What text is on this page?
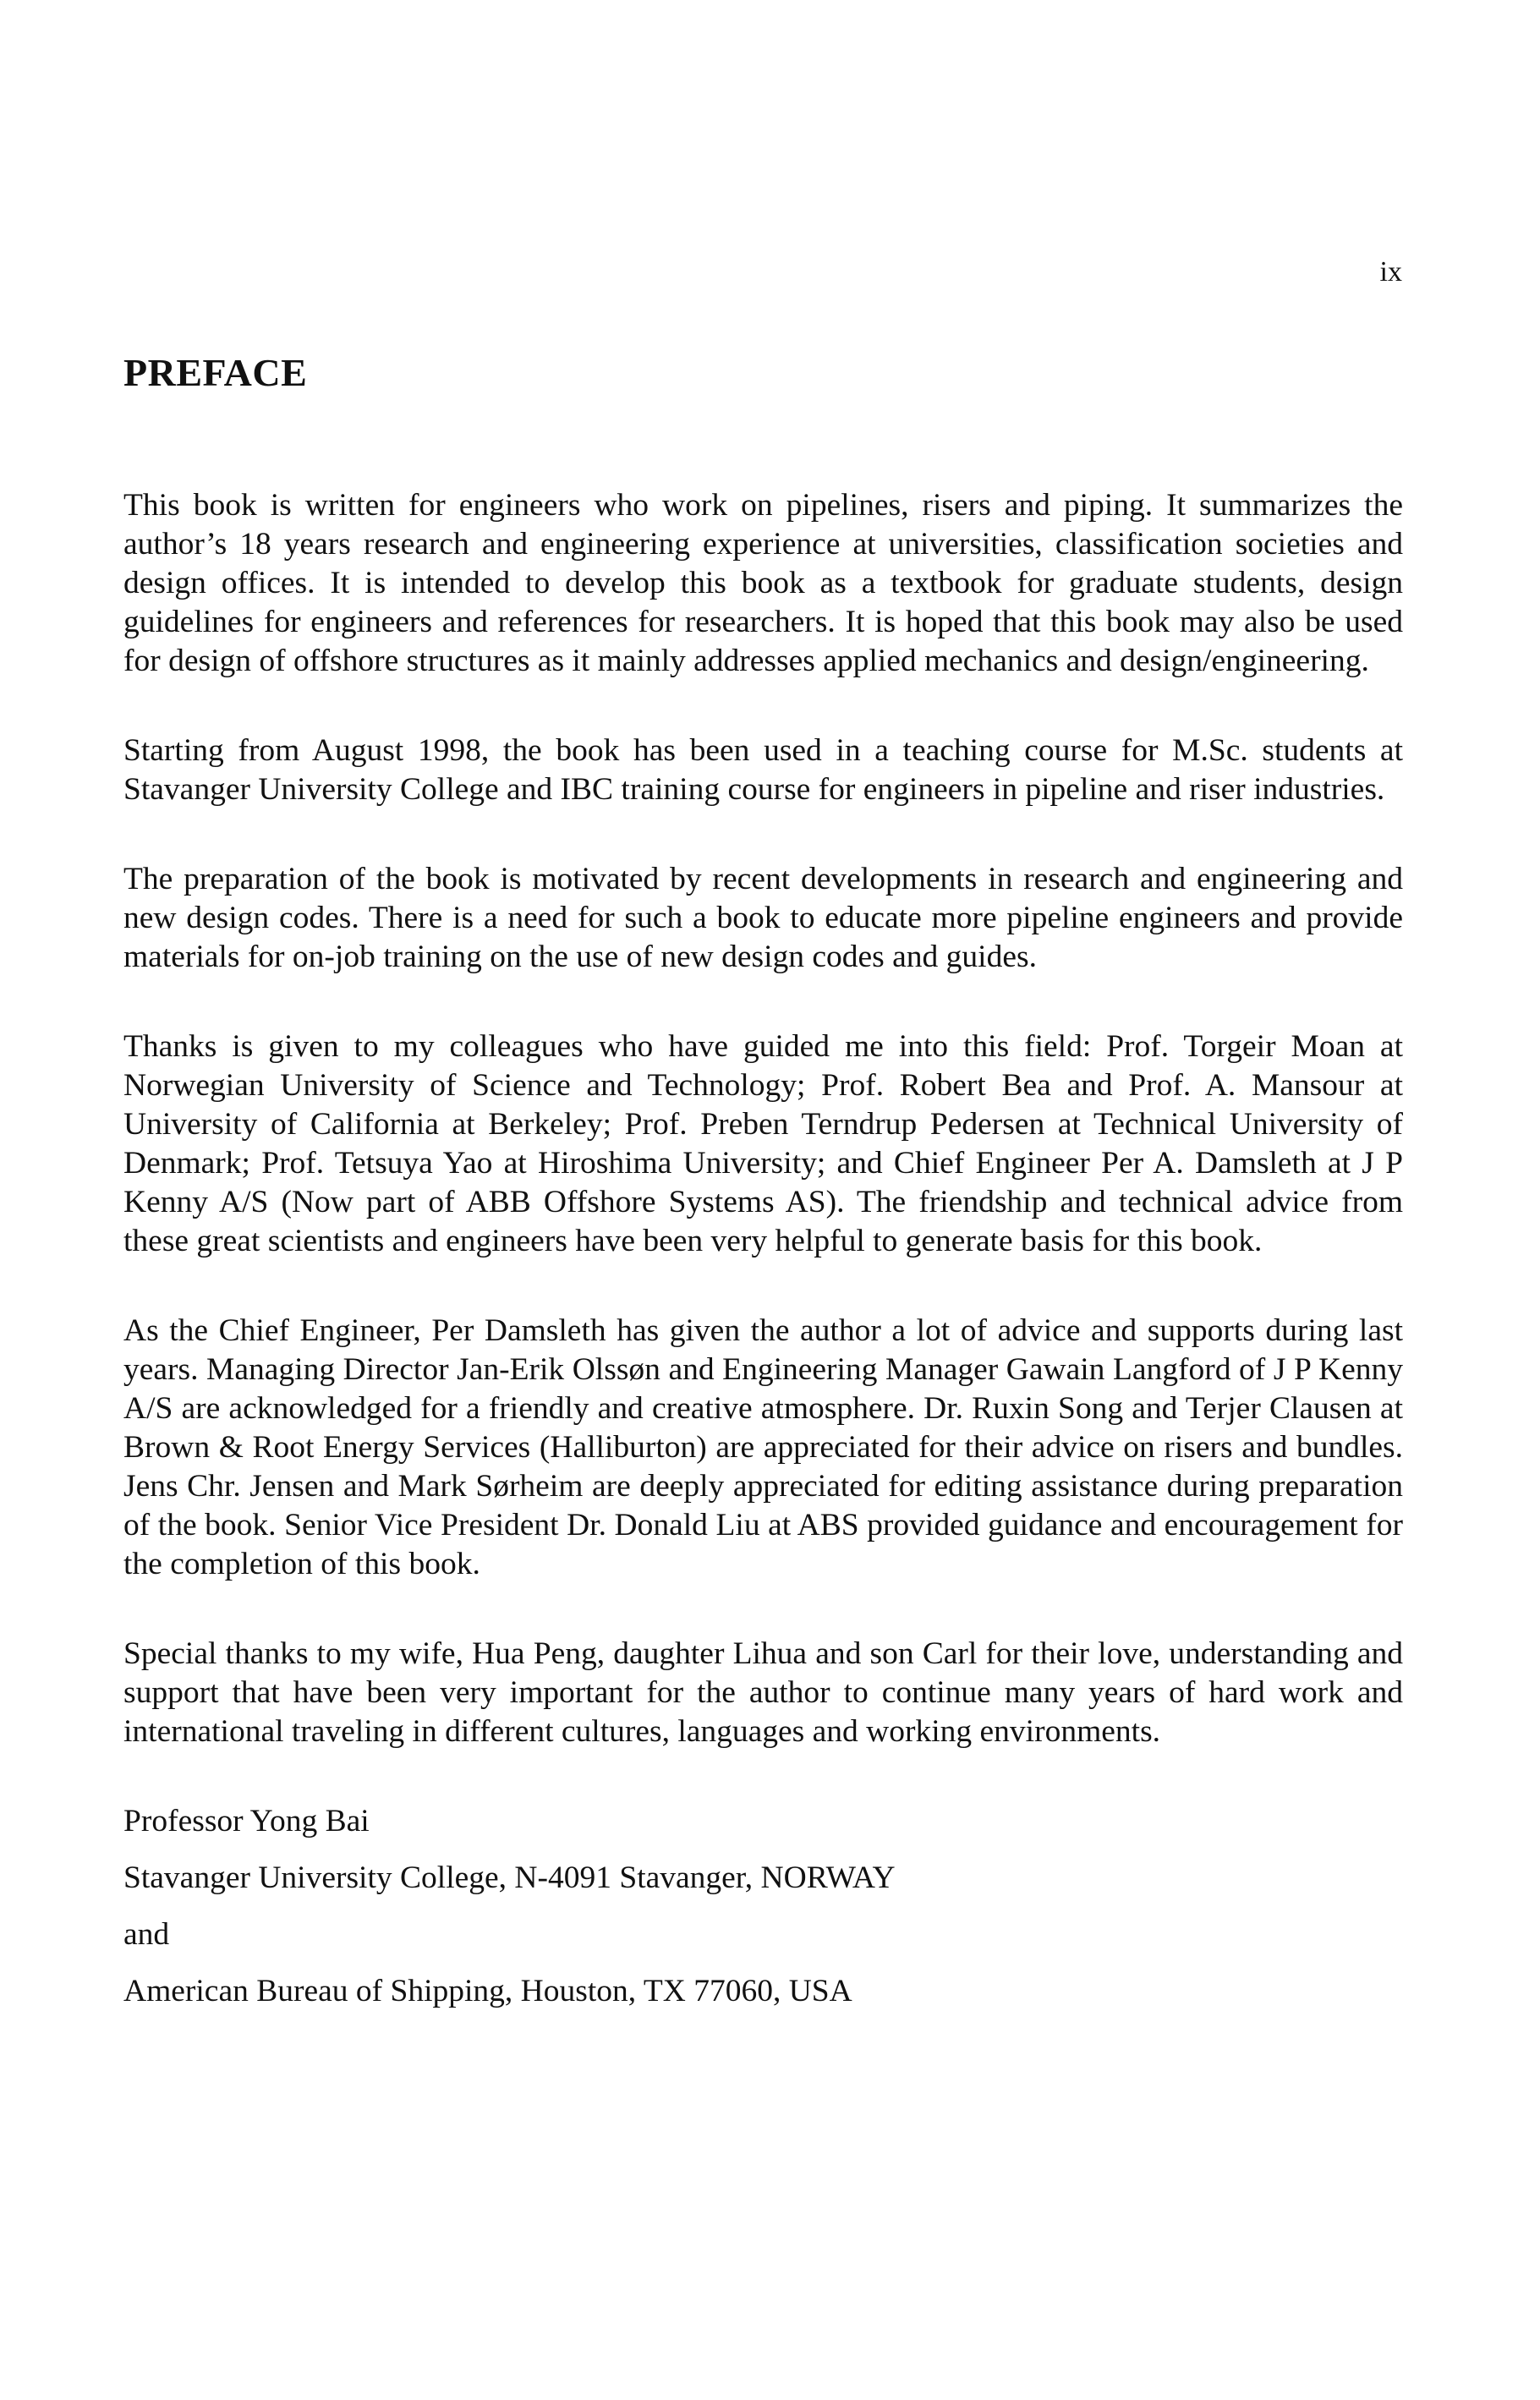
ix
PREFACE

This book is written for engineers who work on pipelines, risers and piping. It summarizes the author’s 18 years research and engineering experience at universities, classification societies and design offices. It is intended to develop this book as a textbook for graduate students, design guidelines for engineers and references for researchers. It is hoped that this book may also be used for design of offshore structures as it mainly addresses applied mechanics and design/engineering.

Starting from August 1998, the book has been used in a teaching course for M.Sc. students at Stavanger University College and IBC training course for engineers in pipeline and riser industries.

The preparation of the book is motivated by recent developments in research and engineering and new design codes. There is a need for such a book to educate more pipeline engineers and provide materials for on-job training on the use of new design codes and guides.

Thanks is given to my colleagues who have guided me into this field: Prof. Torgeir Moan at Norwegian University of Science and Technology; Prof. Robert Bea and Prof. A. Mansour at University of California at Berkeley; Prof. Preben Terndrup Pedersen at Technical University of Denmark; Prof. Tetsuya Yao at Hiroshima University; and Chief Engineer Per A. Damsleth at J P Kenny A/S (Now part of ABB Offshore Systems AS). The friendship and technical advice from these great scientists and engineers have been very helpful to generate basis for this book.

As the Chief Engineer, Per Damsleth has given the author a lot of advice and supports during last years. Managing Director Jan-Erik Olssøn and Engineering Manager Gawain Langford of J P Kenny A/S are acknowledged for a friendly and creative atmosphere. Dr. Ruxin Song and Terjer Clausen at Brown & Root Energy Services (Halliburton) are appreciated for their advice on risers and bundles. Jens Chr. Jensen and Mark Sørheim are deeply appreciated for editing assistance during preparation of the book. Senior Vice President Dr. Donald Liu at ABS provided guidance and encouragement for the completion of this book.

Special thanks to my wife, Hua Peng, daughter Lihua and son Carl for their love, understanding and support that have been very important for the author to continue many years of hard work and international traveling in different cultures, languages and working environments.

Professor Yong Bai
Stavanger University College, N-4091 Stavanger, NORWAY
and
American Bureau of Shipping, Houston, TX 77060, USA
